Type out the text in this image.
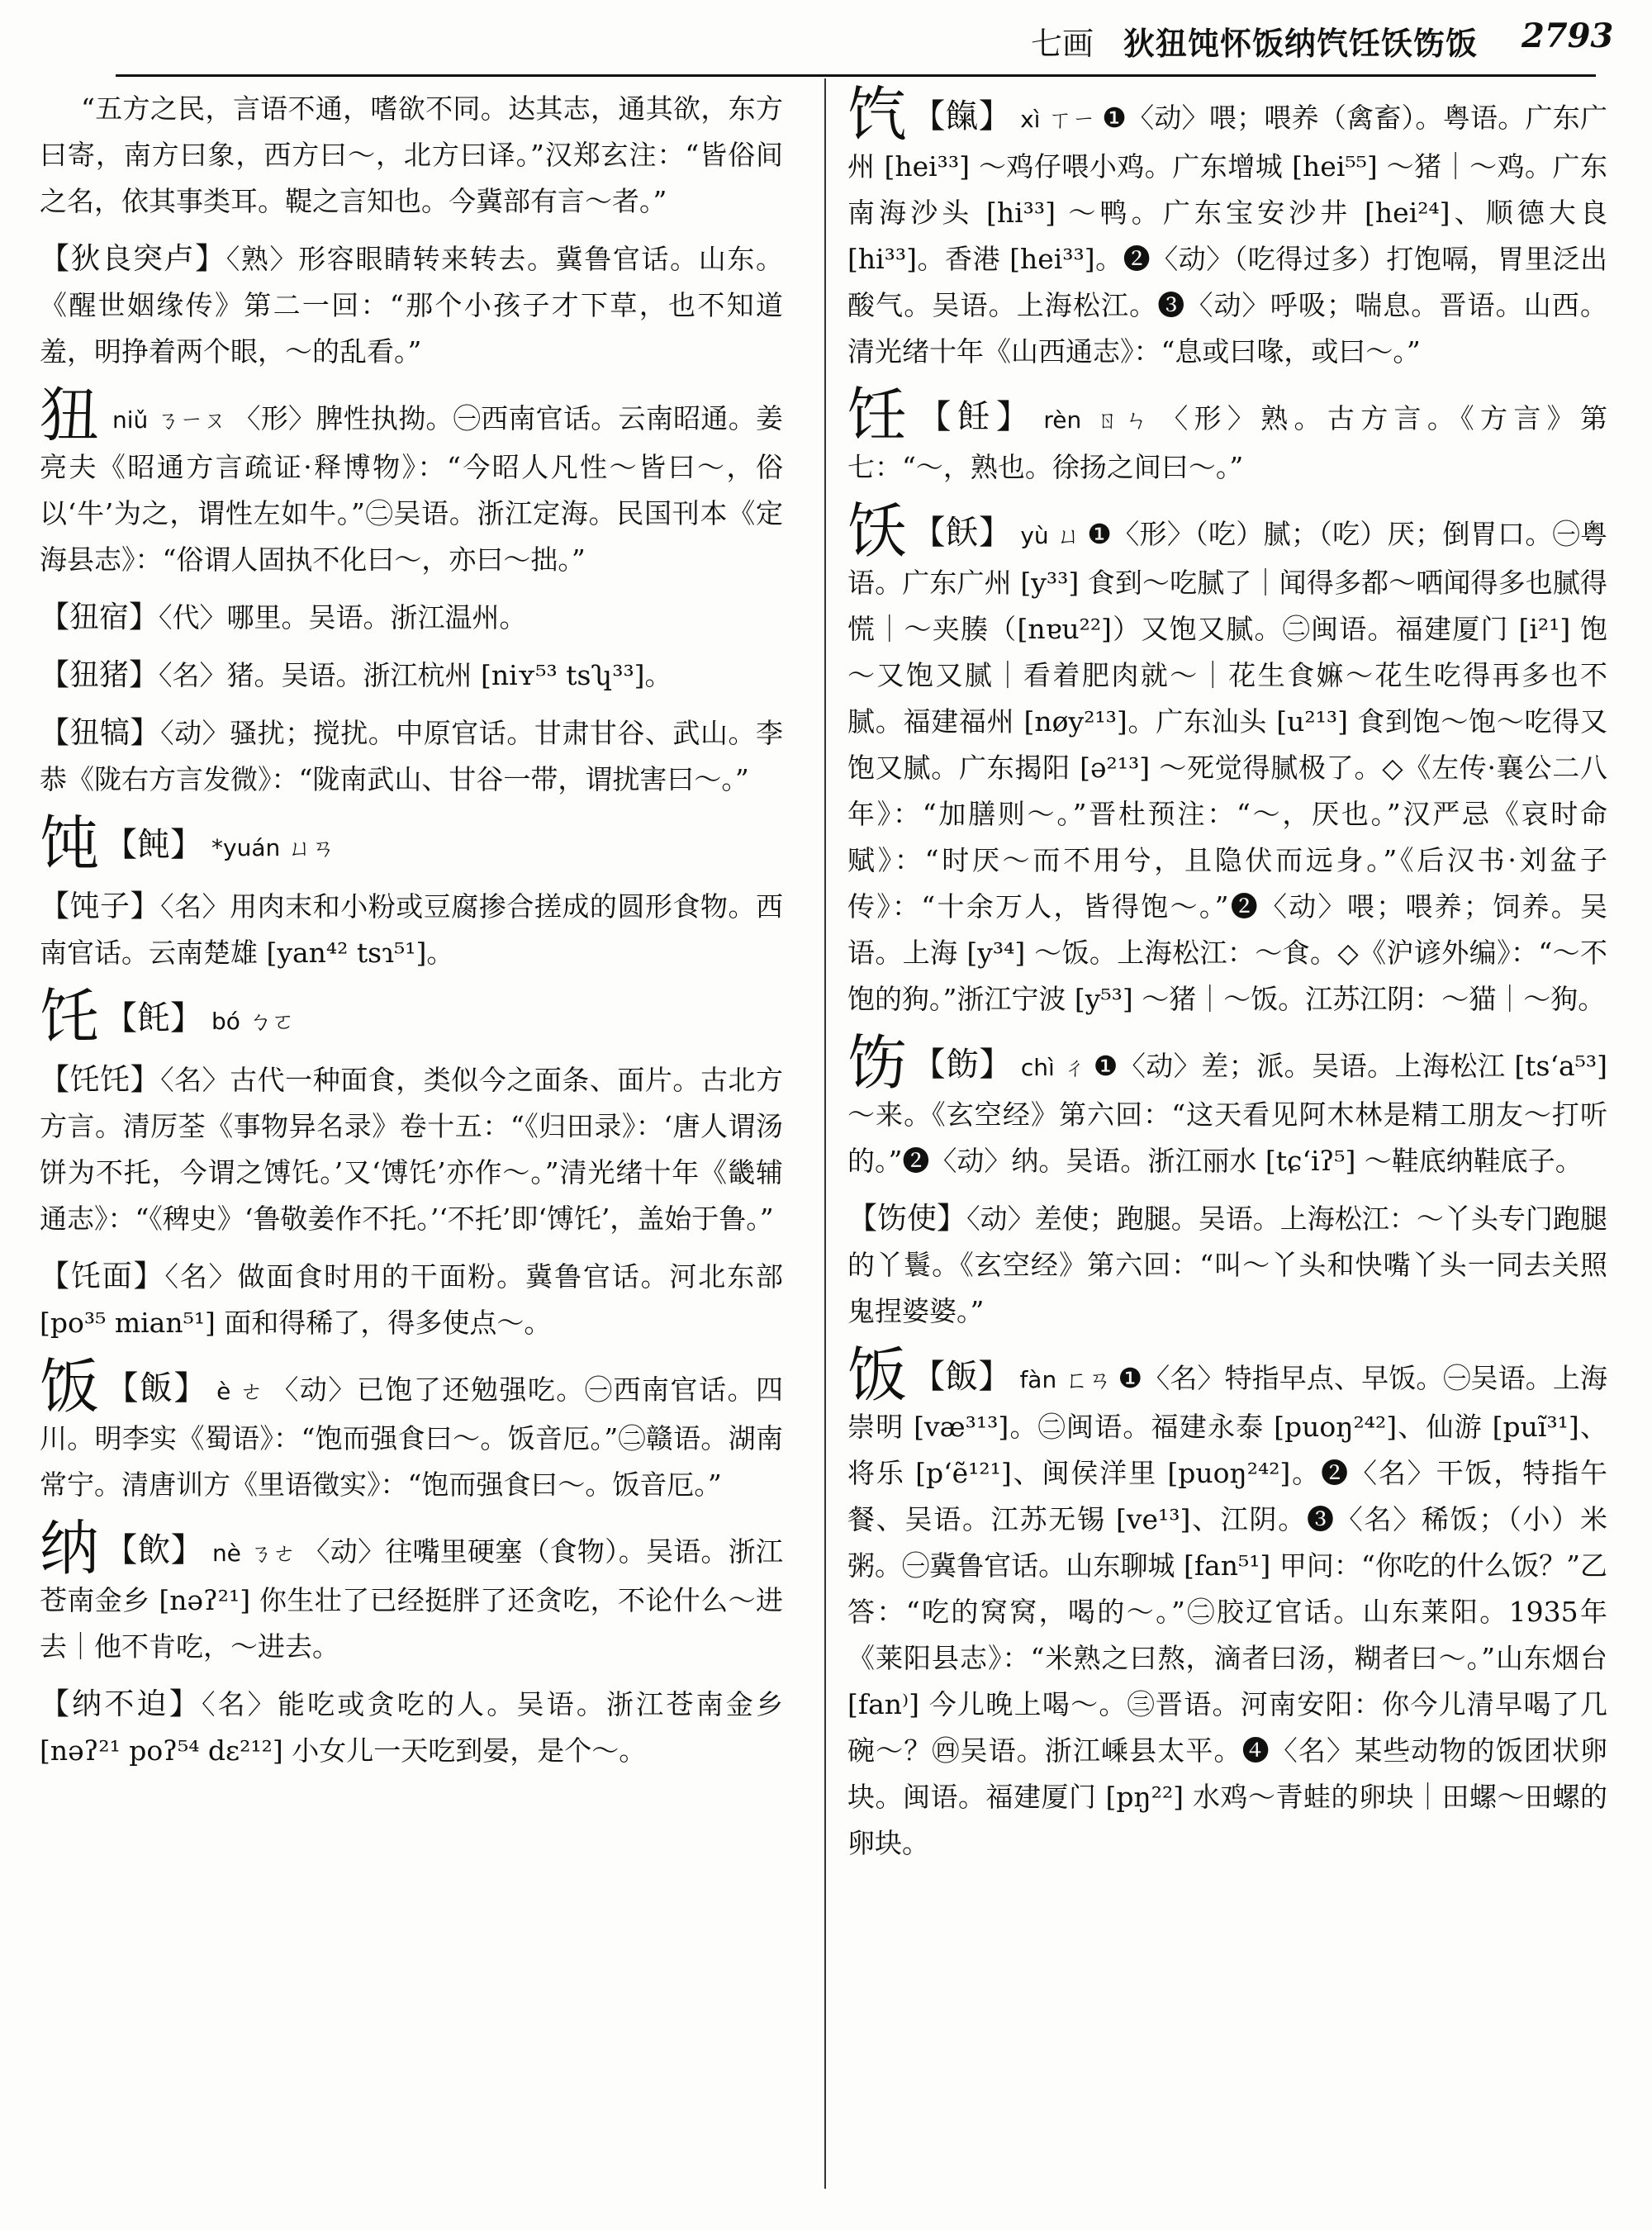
七画 狄狃饨怀饭纳饩饪饫饬饭 2793

“五方之民，言语不通，嗜欲不同。达其志，通其欲，东方曰寄，南方曰象，西方曰～，北方曰译。”汉郑玄注：“皆俗间之名，依其事类耳。鞮之言知也。今冀部有言～者。”

【狄良突卢】〈熟〉形容眼睛转来转去。冀鲁官话。山东。《醒世姻缘传》第二一回：“那个小孩子才下草，也不知道羞，明挣着两个眼，～的乱看。”

狃niǔ ㄋㄧㄡ 〈形〉脾性执拗。㊀西南官话。云南昭通。姜亮夫《昭通方言疏证·释博物》：“今昭人凡性～皆曰～，俗以‘牛’为之，谓性左如牛。”㊁吴语。浙江定海。民国刊本《定海县志》：“俗谓人固执不化曰～，亦曰～拙。”

【狃宿】〈代〉哪里。吴语。浙江温州。

【狃猪】〈名〉猪。吴语。浙江杭州 [niʏ⁵³ tsʮ³³]。

【狃犒】〈动〉骚扰；搅扰。中原官话。甘肃甘谷、武山。李恭《陇右方言发微》：“陇南武山、甘谷一带，谓扰害曰～。”

饨 【飩】 *yuán ㄩㄢ

【饨子】〈名〉用肉末和小粉或豆腐掺合搓成的圆形食物。西南官话。云南楚雄 [yan⁴² tsɿ⁵¹]。

饦 【飥】 bó ㄅㄛ

【饦饦】〈名〉古代一种面食，类似今之面条、面片。古北方方言。清厉荃《事物异名录》卷十五：“《归田录》：‘唐人谓汤饼为不托，今谓之馎饦。’又‘馎饦’亦作～。”清光绪十年《畿辅通志》：“《稗史》‘鲁敬姜作不托。’‘不托’即‘馎饦’，盖始于鲁。”

【饦面】〈名〉做面食时用的干面粉。冀鲁官话。河北东部 [po³⁵ mian⁵¹] 面和得稀了，得多使点～。

饭 【飯】 è ㄜ 〈动〉已饱了还勉强吃。㊀西南官话。四川。明李实《蜀语》：“饱而强食曰～。饭音厄。”㊁赣语。湖南常宁。清唐训方《里语徵实》：“饱而强食曰～。饭音厄。”

纳 【飲】 nè ㄋㄜ 〈动〉往嘴里硬塞（食物）。吴语。浙江苍南金乡 [nəʔ²¹] 你生壮了已经挺胖了还贪吃，不论什么～进去｜他不肯吃，～进去。

【纳不迫】〈名〉能吃或贪吃的人。吴语。浙江苍南金乡 [nəʔ²¹ poʔ⁵⁴ dɛ²¹²] 小女儿一天吃到晏，是个～。

饩 【餼】 xì ㄒㄧ ❶〈动〉喂；喂养（禽畜）。粤语。广东广州 [hei³³] ～鸡仔喂小鸡。广东增城 [hei⁵⁵] ～猪｜～鸡。广东南海沙头 [hi³³] ～鸭。广东宝安沙井 [hei²⁴]、顺德大良 [hi³³]。香港 [hei³³]。❷〈动〉（吃得过多）打饱嗝，胃里泛出酸气。吴语。上海松江。❸〈动〉呼吸；喘息。晋语。山西。清光绪十年《山西通志》：“息或曰喙，或曰～。”

饪 【飪】 rèn ㄖㄣ 〈形〉熟。古方言。《方言》第七：“～，熟也。徐扬之间曰～。”

饫 【飫】 yù ㄩ ❶〈形〉（吃）腻；（吃）厌；倒胃口。㊀粤语。广东广州 [y³³] 食到～吃腻了｜闻得多都～哂闻得多也腻得慌｜～夹腠（[nɐu²²]）又饱又腻。㊁闽语。福建厦门 [i²¹] 饱～又饱又腻｜看着肥肉就～｜花生食嫲～花生吃得再多也不腻。福建福州 [nøy²¹³]。广东汕头 [u²¹³] 食到饱～饱～吃得又饱又腻。广东揭阳 [ə²¹³] ～死觉得腻极了。◇《左传·襄公二八年》：“加膳则～。”晋杜预注：“～，厌也。”汉严忌《哀时命赋》：“时厌～而不用兮，且隐伏而远身。”《后汉书·刘盆子传》：“十余万人，皆得饱～。”❷〈动〉喂；喂养；饲养。吴语。上海 [y³⁴] ～饭。上海松江：～食。◇《沪谚外编》：“～不饱的狗。”浙江宁波 [y⁵³] ～猪｜～饭。江苏江阴：～猫｜～狗。

饬 【飭】 chì ㄔ ❶〈动〉差；派。吴语。上海松江 [tsʻa⁵³] ～来。《玄空经》第六回：“这天看见阿木林是精工朋友～打听的。”❷〈动〉纳。吴语。浙江丽水 [tɕʻiʔ⁵] ～鞋底纳鞋底子。

【饬使】〈动〉差使；跑腿。吴语。上海松江：～丫头专门跑腿的丫鬟。《玄空经》第六回：“叫～丫头和快嘴丫头一同去关照鬼捏婆婆。”

饭 【飯】 fàn ㄈㄢ ❶〈名〉特指早点、早饭。㊀吴语。上海崇明 [væ³¹³]。㊁闽语。福建永泰 [puoŋ²⁴²]、仙游 [puĩ³¹]、将乐 [pʻẽ¹²¹]、闽侯洋里 [puoŋ²⁴²]。❷〈名〉干饭，特指午餐、吴语。江苏无锡 [ve¹³]、江阴。❸〈名〉稀饭；（小）米粥。㊀冀鲁官话。山东聊城 [fan⁵¹] 甲问：“你吃的什么饭？”乙答：“吃的窝窝，喝的～。”㊁胶辽官话。山东莱阳。1935年《莱阳县志》：“米熟之曰熬，滴者曰汤，糊者曰～。”山东烟台 [fan⁾] 今儿晚上喝～。㊂晋语。河南安阳：你今儿清早喝了几碗～？㊃吴语。浙江嵊县太平。❹〈名〉某些动物的饭团状卵块。闽语。福建厦门 [pŋ²²] 水鸡～青蛙的卵块｜田螺～田螺的卵块。
